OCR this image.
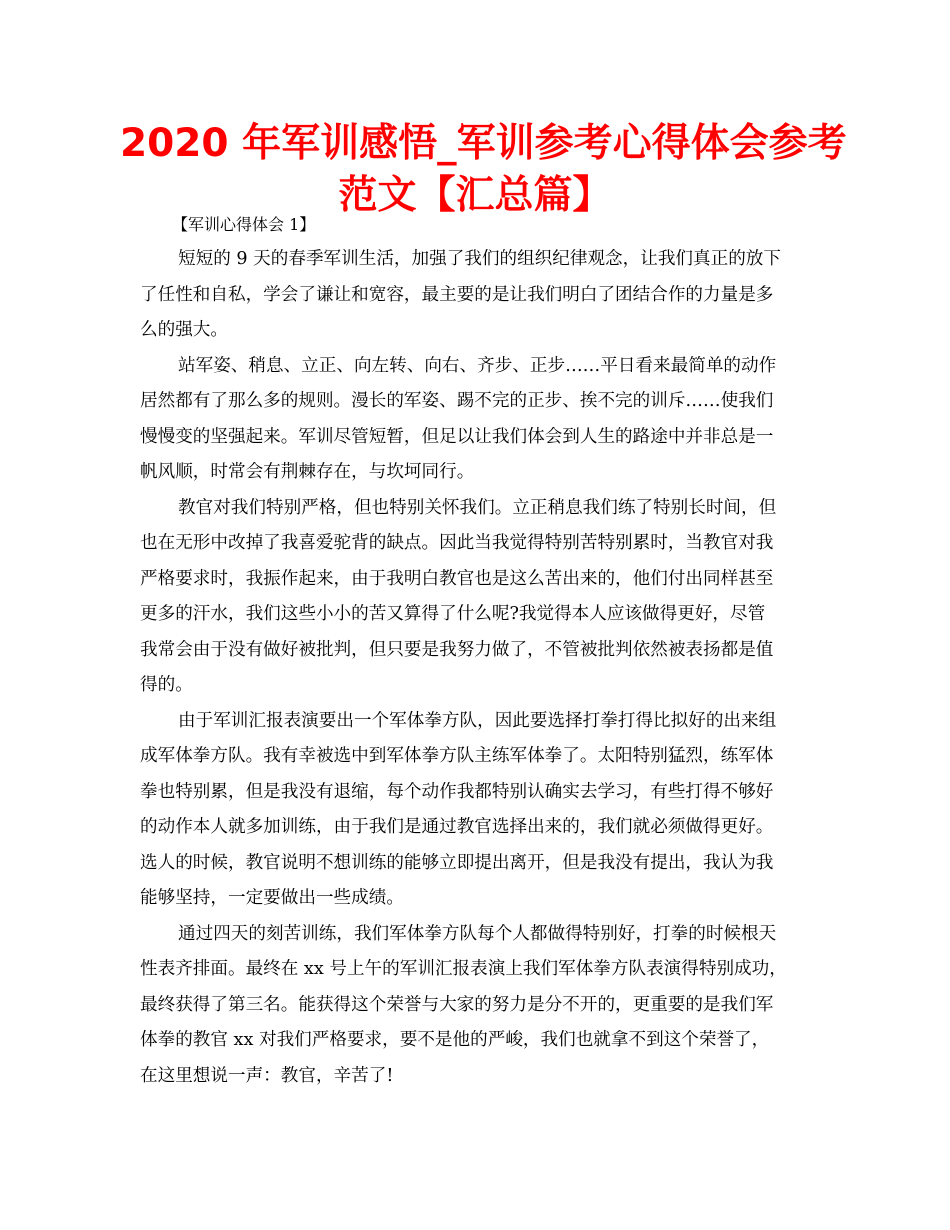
2020 年军训感悟_军训参考心得体会参考
范文【汇总篇】
【军训心得体会 1】

短短的 9 天的春季军训生活，加强了我们的组织纪律观念，让我们真正的放下
了任性和自私，学会了谦让和宽容，最主要的是让我们明白了团结合作的力量是多
么的强大。

站军姿、稍息、立正、向左转、向右、齐步、正步……平日看来最简单的动作
居然都有了那么多的规则。漫长的军姿、踢不完的正步、挨不完的训斥……使我们
慢慢变的坚强起来。军训尽管短暂，但足以让我们体会到人生的路途中并非总是一
帆风顺，时常会有荆棘存在，与坎坷同行。

教官对我们特别严格，但也特别关怀我们。立正稍息我们练了特别长时间，但
也在无形中改掉了我喜爱驼背的缺点。因此当我觉得特别苦特别累时，当教官对我
严格要求时，我振作起来，由于我明白教官也是这么苦出来的，他们付出同样甚至
更多的汗水，我们这些小小的苦又算得了什么呢?我觉得本人应该做得更好，尽管
我常会由于没有做好被批判，但只要是我努力做了，不管被批判依然被表扬都是值
得的。

由于军训汇报表演要出一个军体拳方队，因此要选择打拳打得比拟好的出来组
成军体拳方队。我有幸被选中到军体拳方队主练军体拳了。太阳特别猛烈，练军体
拳也特别累，但是我没有退缩，每个动作我都特别认确实去学习，有些打得不够好
的动作本人就多加训练，由于我们是通过教官选择出来的，我们就必须做得更好。
选人的时候，教官说明不想训练的能够立即提出离开，但是我没有提出，我认为我
能够坚持，一定要做出一些成绩。

通过四天的刻苦训练，我们军体拳方队每个人都做得特别好，打拳的时候根天
性表齐排面。最终在 xx 号上午的军训汇报表演上我们军体拳方队表演得特别成功，
最终获得了第三名。能获得这个荣誉与大家的努力是分不开的，更重要的是我们军
体拳的教官 xx 对我们严格要求，要不是他的严峻，我们也就拿不到这个荣誉了，
在这里想说一声：教官，辛苦了!
